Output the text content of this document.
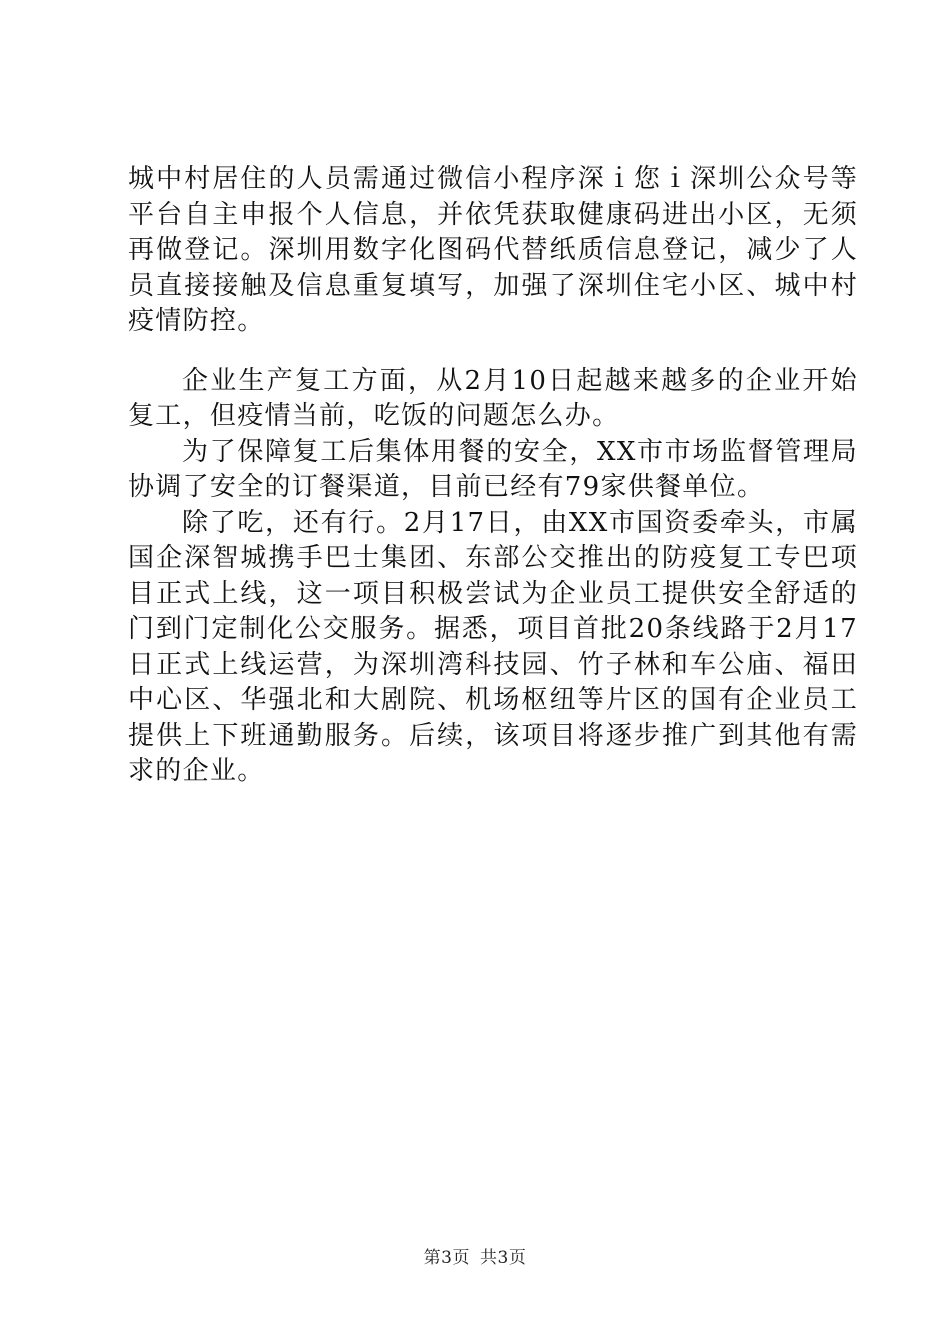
城中村居住的人员需通过微信小程序深ｉ您ｉ深圳公众号等平台自主申报个人信息，并依凭获取健康码进出小区，无须再做登记。深圳用数字化图码代替纸质信息登记，减少了人员直接接触及信息重复填写，加强了深圳住宅小区、城中村疫情防控。

企业生产复工方面，从2月10日起越来越多的企业开始复工，但疫情当前，吃饭的问题怎么办。

为了保障复工后集体用餐的安全，XX市市场监督管理局协调了安全的订餐渠道，目前已经有79家供餐单位。

除了吃，还有行。2月17日，由XX市国资委牵头，市属国企深智城携手巴士集团、东部公交推出的防疫复工专巴项目正式上线，这一项目积极尝试为企业员工提供安全舒适的门到门定制化公交服务。据悉，项目首批20条线路于2月17日正式上线运营，为深圳湾科技园、竹子林和车公庙、福田中心区、华强北和大剧院、机场枢纽等片区的国有企业员工提供上下班通勤服务。后续，该项目将逐步推广到其他有需求的企业。

第3页 共3页
